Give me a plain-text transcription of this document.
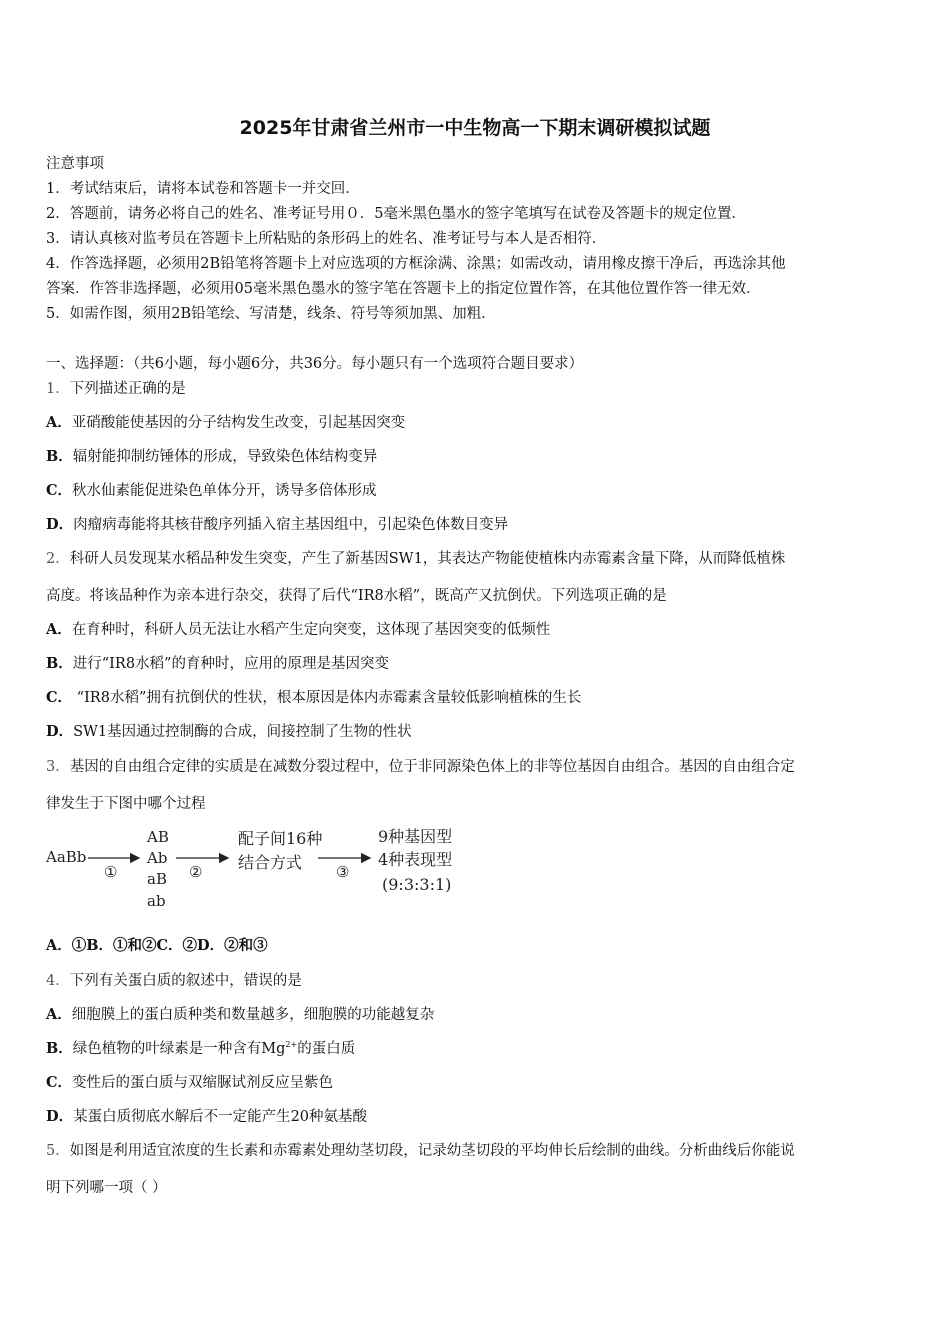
2025年甘肃省兰州市一中生物高一下期末调研模拟试题
注意事项
1．考试结束后，请将本试卷和答题卡一并交回．
2．答题前，请务必将自己的姓名、准考证号用０．5毫米黑色墨水的签字笔填写在试卷及答题卡的规定位置．
3．请认真核对监考员在答题卡上所粘贴的条形码上的姓名、准考证号与本人是否相符．
4．作答选择题，必须用2B铅笔将答题卡上对应选项的方框涂满、涂黑；如需改动，请用橡皮擦干净后，再选涂其他
答案．作答非选择题，必须用05毫米黑色墨水的签字笔在答题卡上的指定位置作答，在其他位置作答一律无效．
5．如需作图，须用2B铅笔绘、写清楚，线条、符号等须加黑、加粗．
一、选择题：（共6小题，每小题6分，共36分。每小题只有一个选项符合题目要求）
1．下列描述正确的是
A．亚硝酸能使基因的分子结构发生改变，引起基因突变
B．辐射能抑制纺锤体的形成，导致染色体结构变异
C．秋水仙素能促进染色单体分开，诱导多倍体形成
D．肉瘤病毒能将其核苷酸序列插入宿主基因组中，引起染色体数目变异
2．科研人员发现某水稻品种发生突变，产生了新基因SW1，其表达产物能使植株内赤霉素含量下降，从而降低植株
高度。将该品种作为亲本进行杂交，获得了后代“IR8水稻”，既高产又抗倒伏。下列选项正确的是
A．在育种时，科研人员无法让水稻产生定向突变，这体现了基因突变的低频性
B．进行“IR8水稻”的育种时，应用的原理是基因突变
C． “IR8水稻”拥有抗倒伏的性状，根本原因是体内赤霉素含量较低影响植株的生长
D．SW1基因通过控制酶的合成，间接控制了生物的性状
3．基因的自由组合定律的实质是在减数分裂过程中，位于非同源染色体上的非等位基因自由组合。基因的自由组合定
律发生于下图中哪个过程
AaBb
①
AB
Ab
aB
ab
②
配子间16种
结合方式 ③
9种基因型
4种表现型
(9:3:3:1)
A．①B．①和②C．②D．②和③
4．下列有关蛋白质的叙述中，错误的是
A．细胞膜上的蛋白质种类和数量越多，细胞膜的功能越复杂
B．绿色植物的叶绿素是一种含有$Mg^{2+}$的蛋白质
C．变性后的蛋白质与双缩脲试剂反应呈紫色
D．某蛋白质彻底水解后不一定能产生20种氨基酸
5．如图是利用适宜浓度的生长素和赤霉素处理幼茎切段，记录幼茎切段的平均伸长后绘制的曲线。分析曲线后你能说
明下列哪一项（ ）
